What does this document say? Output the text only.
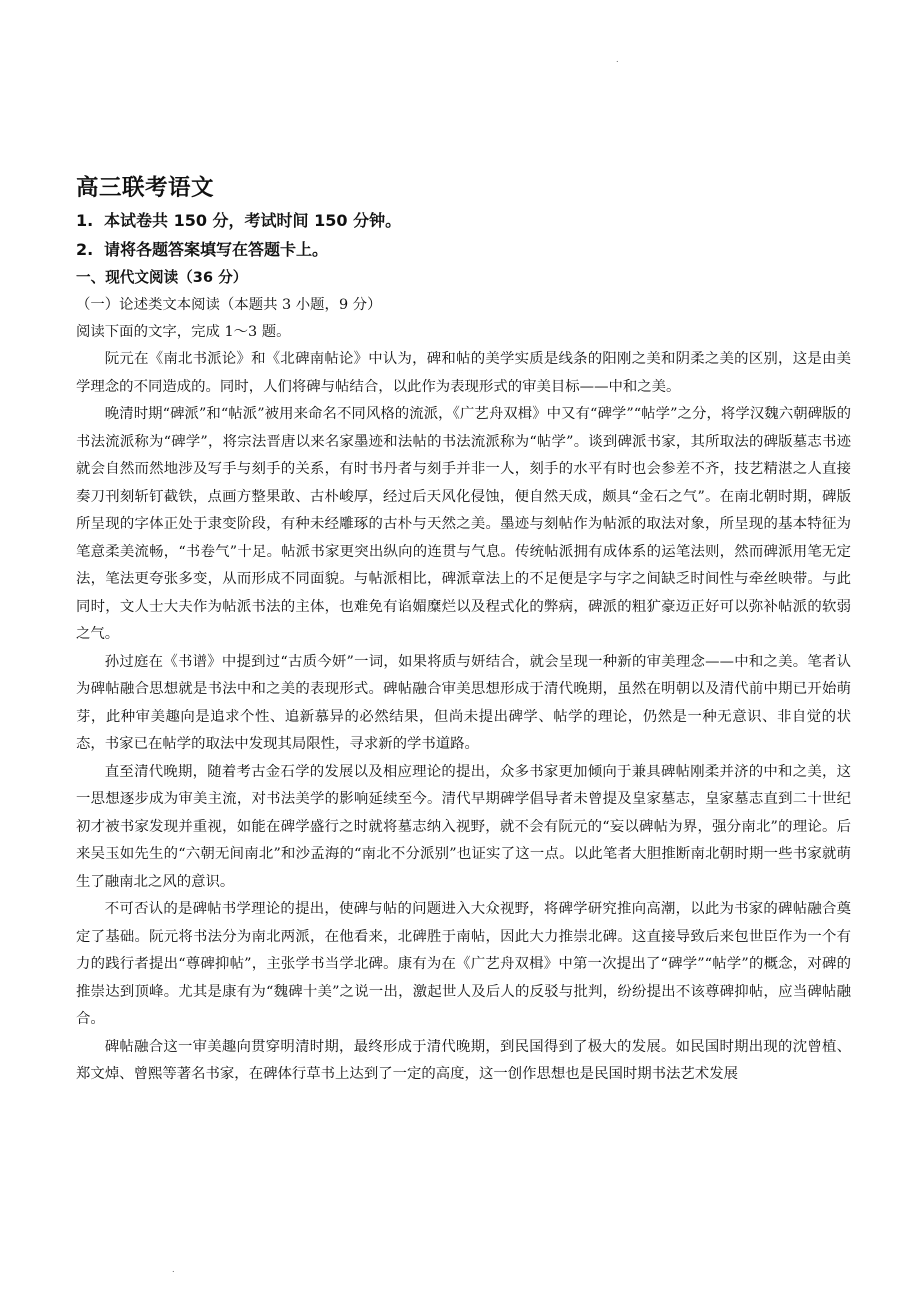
.
高三联考语文

1. 本试卷共 150 分，考试时间 150 分钟。

2. 请将各题答案填写在答题卡上。

一、现代文阅读（36 分）

（一）论述类文本阅读（本题共 3 小题，9 分）

阅读下面的文字，完成 1～3 题。

阮元在《南北书派论》和《北碑南帖论》中认为，碑和帖的美学实质是线条的阳刚之美和阴柔之美的区别，这是由美学理念的不同造成的。同时，人们将碑与帖结合，以此作为表现形式的审美目标——中和之美。

晚清时期“碑派”和“帖派”被用来命名不同风格的流派，《广艺舟双楫》中又有“碑学”“帖学”之分，将学汉魏六朝碑版的书法流派称为“碑学”，将宗法晋唐以来名家墨迹和法帖的书法流派称为“帖学”。谈到碑派书家，其所取法的碑版墓志书迹就会自然而然地涉及写手与刻手的关系，有时书丹者与刻手并非一人，刻手的水平有时也会参差不齐，技艺精湛之人直接奏刀刊刻斩钉截铁，点画方整果敢、古朴峻厚，经过后天风化侵蚀，便自然天成，颇具“金石之气”。在南北朝时期，碑版所呈现的字体正处于隶变阶段，有种未经雕琢的古朴与天然之美。墨迹与刻帖作为帖派的取法对象，所呈现的基本特征为笔意柔美流畅，“书卷气”十足。帖派书家更突出纵向的连贯与气息。传统帖派拥有成体系的运笔法则，然而碑派用笔无定法，笔法更夸张多变，从而形成不同面貌。与帖派相比，碑派章法上的不足便是字与字之间缺乏时间性与牵丝映带。与此同时，文人士大夫作为帖派书法的主体，也难免有谄媚糜烂以及程式化的弊病，碑派的粗犷豪迈正好可以弥补帖派的软弱之气。

孙过庭在《书谱》中提到过“古质今妍”一词，如果将质与妍结合，就会呈现一种新的审美理念——中和之美。笔者认为碑帖融合思想就是书法中和之美的表现形式。碑帖融合审美思想形成于清代晚期，虽然在明朝以及清代前中期已开始萌芽，此种审美趣向是追求个性、追新慕异的必然结果，但尚未提出碑学、帖学的理论，仍然是一种无意识、非自觉的状态，书家已在帖学的取法中发现其局限性，寻求新的学书道路。

直至清代晚期，随着考古金石学的发展以及相应理论的提出，众多书家更加倾向于兼具碑帖刚柔并济的中和之美，这一思想逐步成为审美主流，对书法美学的影响延续至今。清代早期碑学倡导者未曾提及皇家墓志，皇家墓志直到二十世纪初才被书家发现并重视，如能在碑学盛行之时就将墓志纳入视野，就不会有阮元的“妄以碑帖为界，强分南北”的理论。后来吴玉如先生的“六朝无间南北”和沙孟海的“南北不分派别”也证实了这一点。以此笔者大胆推断南北朝时期一些书家就萌生了融南北之风的意识。

不可否认的是碑帖书学理论的提出，使碑与帖的问题进入大众视野，将碑学研究推向高潮，以此为书家的碑帖融合奠定了基础。阮元将书法分为南北两派，在他看来，北碑胜于南帖，因此大力推崇北碑。这直接导致后来包世臣作为一个有力的践行者提出“尊碑抑帖”，主张学书当学北碑。康有为在《广艺舟双楫》中第一次提出了“碑学”“帖学”的概念，对碑的推崇达到顶峰。尤其是康有为“魏碑十美”之说一出，激起世人及后人的反驳与批判，纷纷提出不该尊碑抑帖，应当碑帖融合。

碑帖融合这一审美趣向贯穿明清时期，最终形成于清代晚期，到民国得到了极大的发展。如民国时期出现的沈曾植、郑文焯、曾熙等著名书家，在碑体行草书上达到了一定的高度，这一创作思想也是民国时期书法艺术发展

.
